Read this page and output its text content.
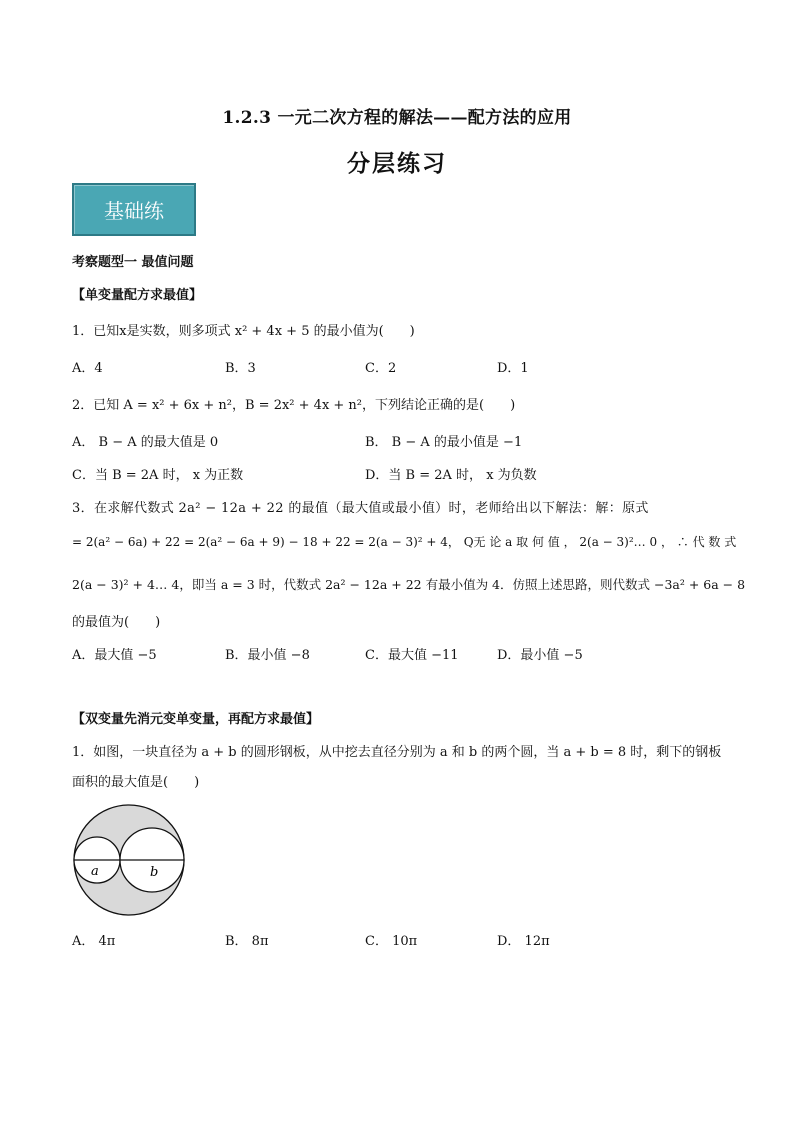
1.2.3 一元二次方程的解法——配方法的应用
分层练习
基础练
考察题型一 最值问题
【单变量配方求最值】
1．已知x是实数，则多项式 x² + 4x + 5 的最小值为(　　)
A．4	B．3	C．2	D．1
2．已知 A = x² + 6x + n²，B = 2x² + 4x + n²，下列结论正确的是(　　)
A． B − A 的最大值是 0	B． B − A 的最小值是 −1
C．当 B = 2A 时， x 为正数	D．当 B = 2A 时， x 为负数
3．在求解代数式 2a² − 12a + 22 的最值（最大值或最小值）时，老师给出以下解法：解：原式
= 2(a² − 6a) + 22 = 2(a² − 6a + 9) − 18 + 22 = 2(a − 3)² + 4， Q无 论 a 取 何 值 ， 2(a − 3)²… 0 ， ∴ 代 数 式
2(a − 3)² + 4… 4，即当 a = 3 时，代数式 2a² − 12a + 22 有最小值为 4．仿照上述思路，则代数式 −3a² + 6a − 8
的最值为(　　)
A．最大值 −5	B．最小值 −8	C．最大值 −11	D．最小值 −5
【双变量先消元变单变量，再配方求最值】
1．如图，一块直径为 a + b 的圆形钢板，从中挖去直径分别为 a 和 b 的两个圆，当 a + b = 8 时，剩下的钢板
面积的最大值是(　　)
a	b
A． 4π	B． 8π	C． 10π	D． 12π
